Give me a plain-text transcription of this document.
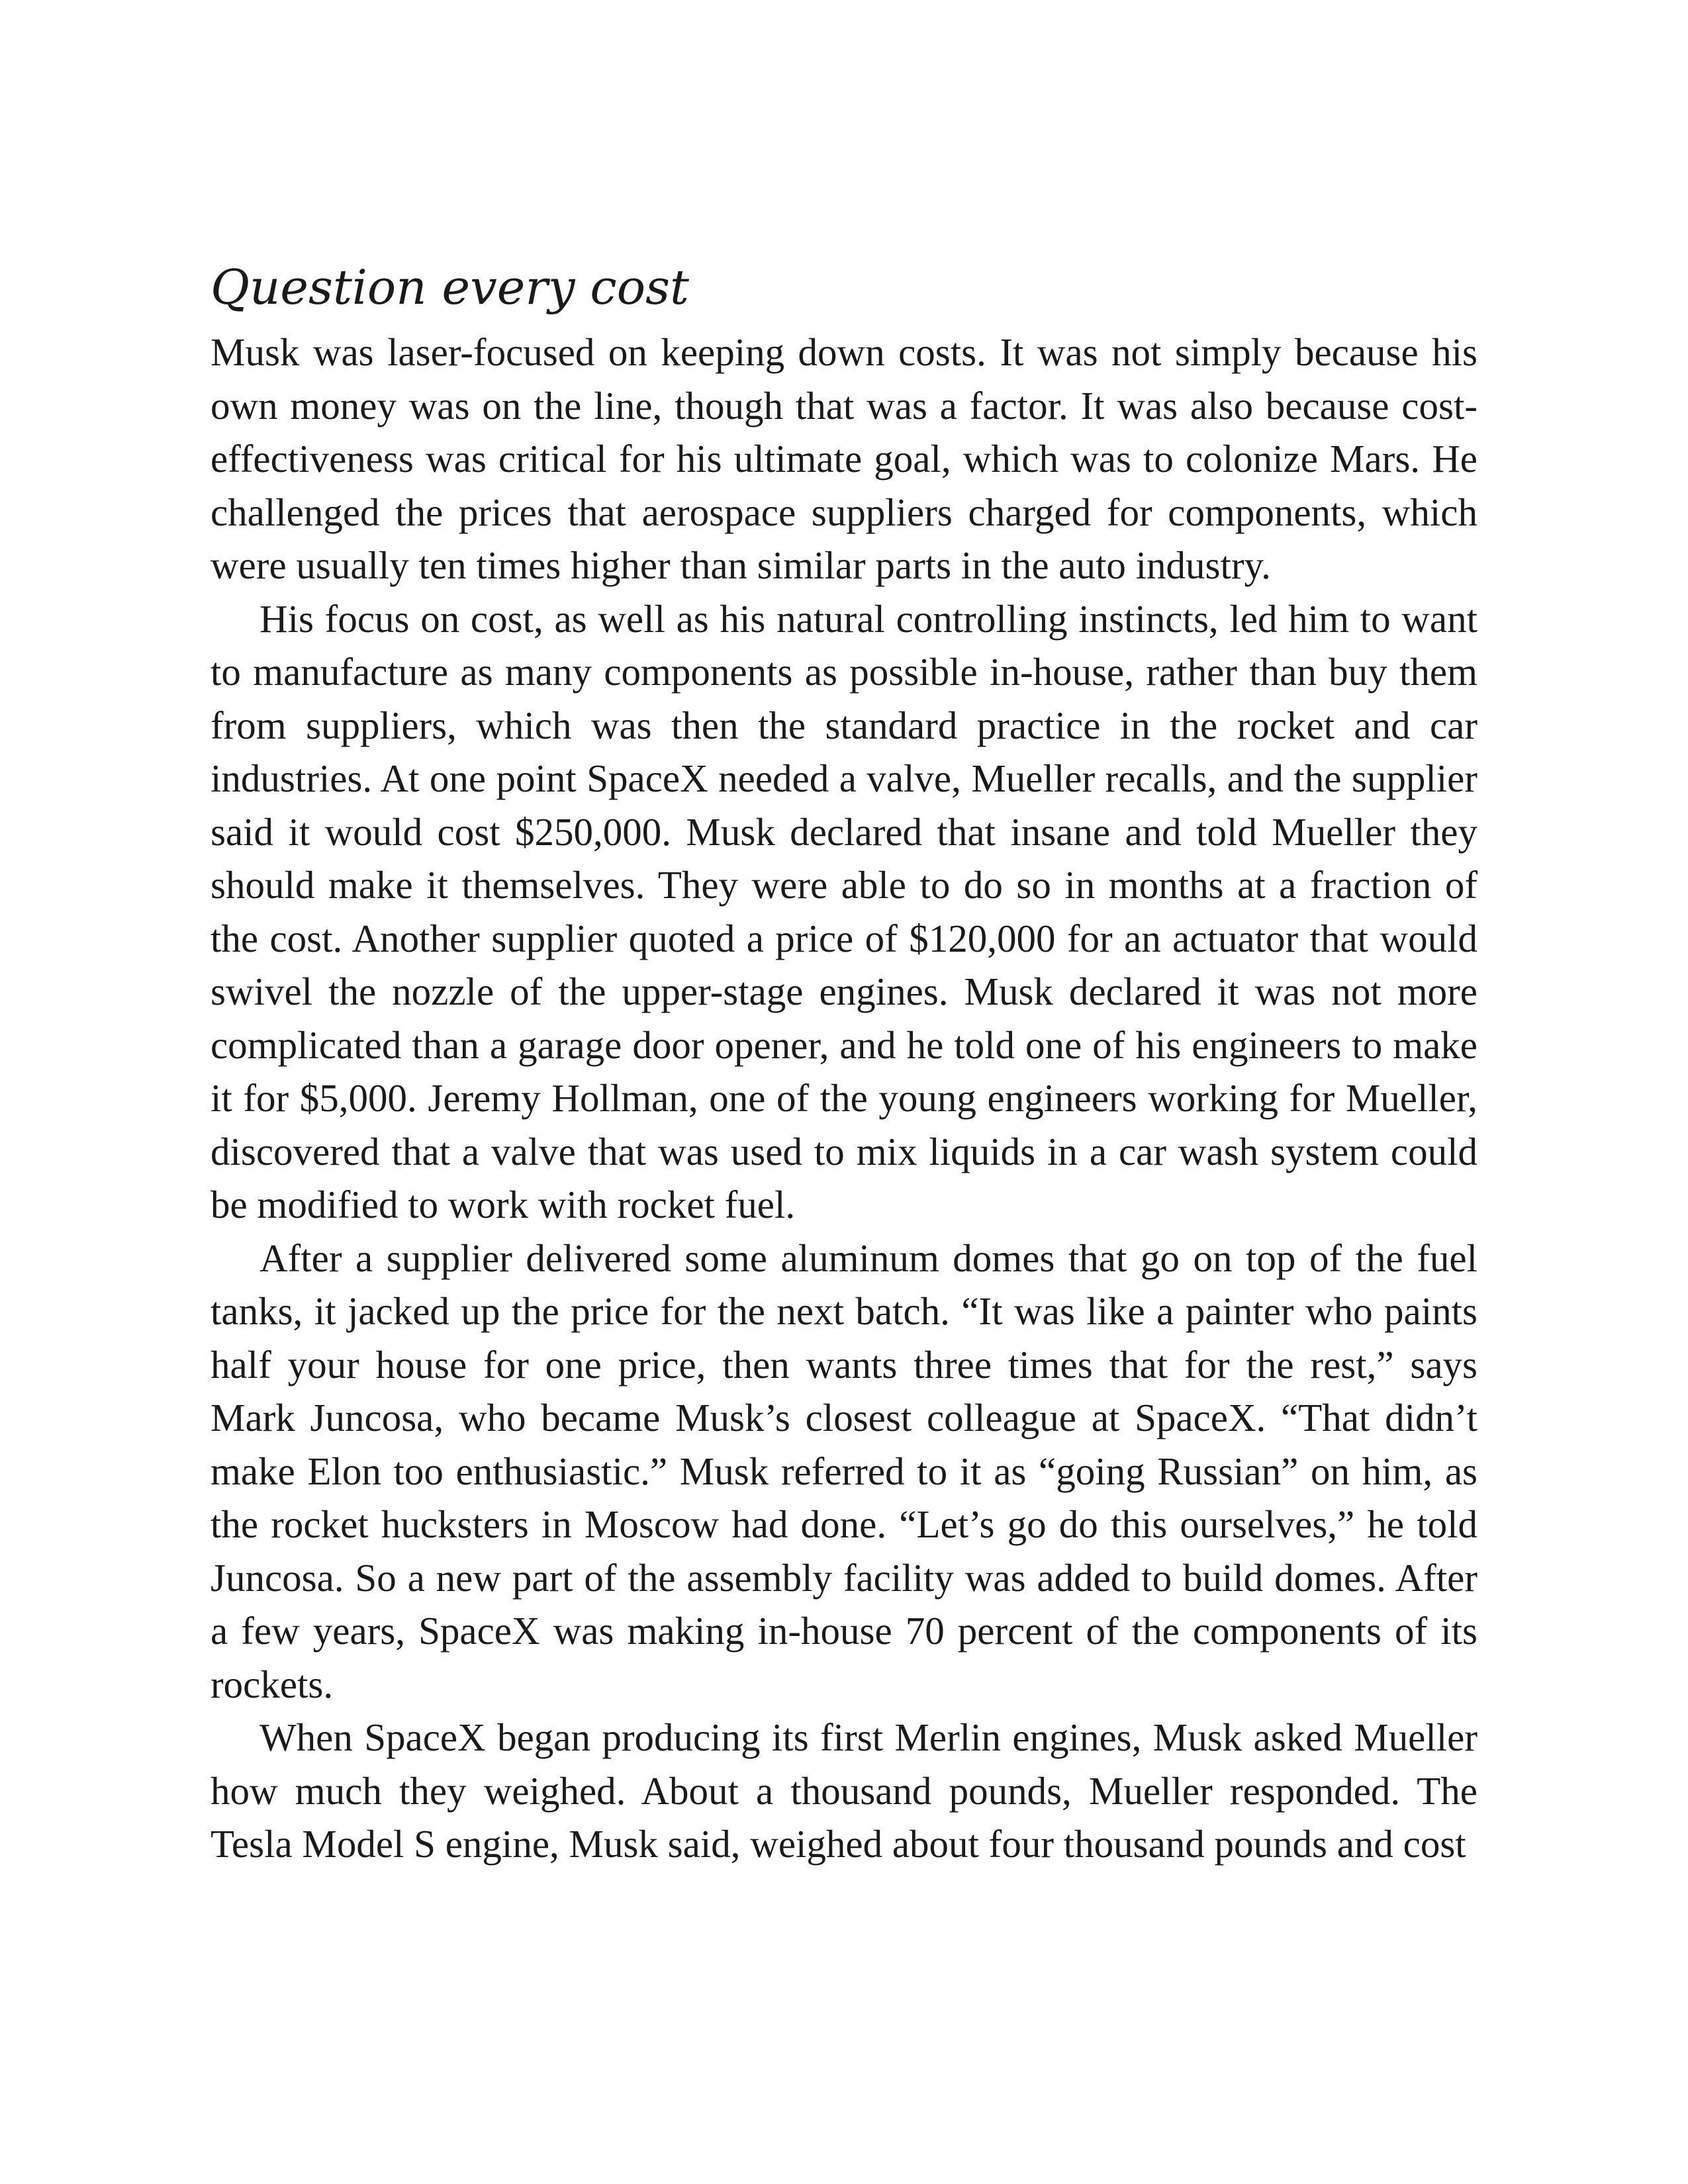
Question every cost

Musk was laser-focused on keeping down costs. It was not simply because his own money was on the line, though that was a factor. It was also because cost-effectiveness was critical for his ultimate goal, which was to colonize Mars. He challenged the prices that aerospace suppliers charged for components, which were usually ten times higher than similar parts in the auto industry.

His focus on cost, as well as his natural controlling instincts, led him to want to manufacture as many components as possible in-house, rather than buy them from suppliers, which was then the standard practice in the rocket and car industries. At one point SpaceX needed a valve, Mueller recalls, and the supplier said it would cost $250,000. Musk declared that insane and told Mueller they should make it themselves. They were able to do so in months at a fraction of the cost. Another supplier quoted a price of $120,000 for an actuator that would swivel the nozzle of the upper-stage engines. Musk declared it was not more complicated than a garage door opener, and he told one of his engineers to make it for $5,000. Jeremy Hollman, one of the young engineers working for Mueller, discovered that a valve that was used to mix liquids in a car wash system could be modified to work with rocket fuel.

After a supplier delivered some aluminum domes that go on top of the fuel tanks, it jacked up the price for the next batch. “It was like a painter who paints half your house for one price, then wants three times that for the rest,” says Mark Juncosa, who became Musk’s closest colleague at SpaceX. “That didn’t make Elon too enthusiastic.” Musk referred to it as “going Russian” on him, as the rocket hucksters in Moscow had done. “Let’s go do this ourselves,” he told Juncosa. So a new part of the assembly facility was added to build domes. After a few years, SpaceX was making in-house 70 percent of the components of its rockets.

When SpaceX began producing its first Merlin engines, Musk asked Mueller how much they weighed. About a thousand pounds, Mueller responded. The Tesla Model S engine, Musk said, weighed about four thousand pounds and cost
